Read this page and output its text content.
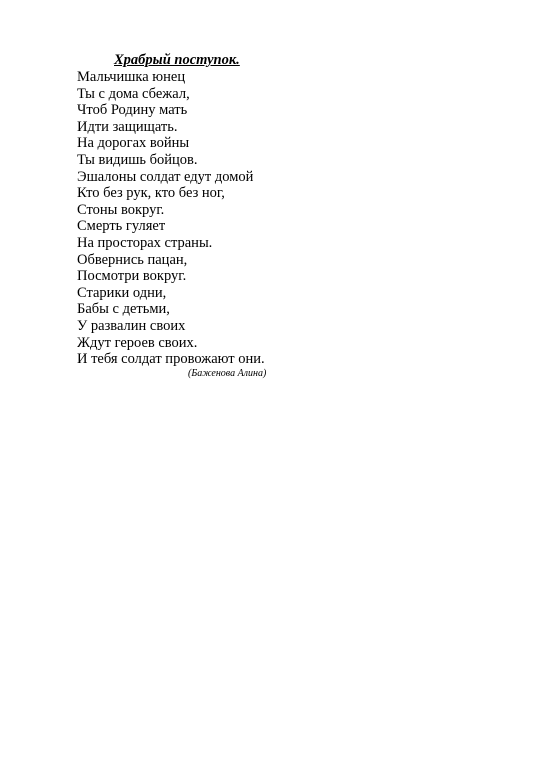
Храбрый поступок.
Мальчишка юнец
Ты с дома сбежал,
Чтоб Родину мать
Идти защищать.
На дорогах войны
Ты видишь бойцов.
Эшалоны солдат едут домой
Кто без рук, кто без ног,
Стоны вокруг.
Смерть гуляет
На просторах страны.
Обвернись пацан,
Посмотри вокруг.
Старики одни,
Бабы с детьми,
У развалин своих
Ждут героев своих.
И тебя солдат провожают они.
(Баженова Алина)
